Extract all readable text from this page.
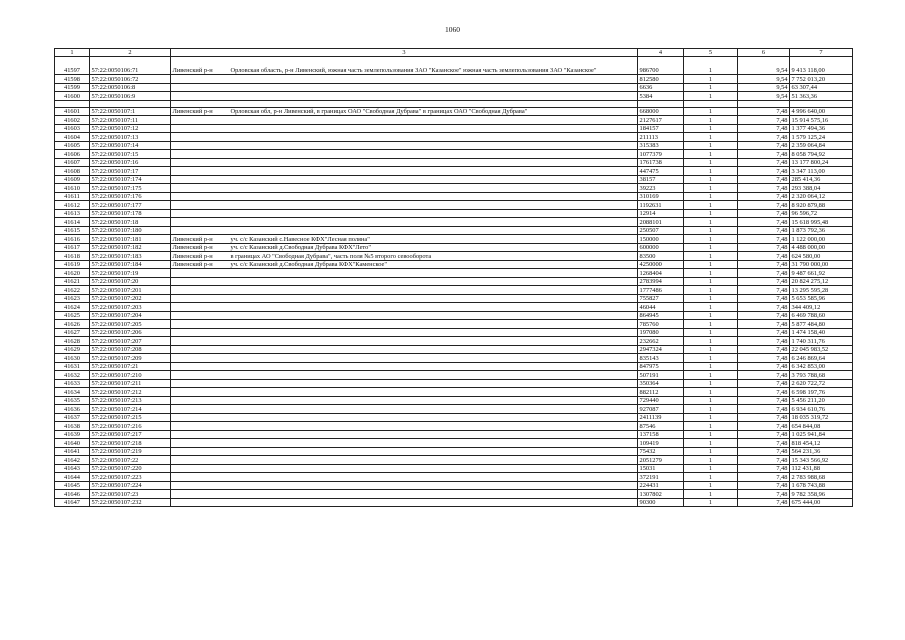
1060
1	2	3	4	5	6	7
41597	57:22:0050106:71	Ливенский р-н Орловская область, р-н Ливенский, южная часть землепользования ЗАО "Казанское" южная часть землепользования ЗАО "Казанское"	986700	1	9,54	9 413 118,00
41598	57:22:0050106:72		812580	1	9,54	7 752 013,20
41599	57:22:0050106:8		6636	1	9,54	63 307,44
41600	57:22:0050106:9		5384	1	9,54	51 363,36

41601	57:22:0050107:1	Ливенский р-н Орловская обл, р-н Ливенский, в границах ОАО "Свободная Дубрава" в границах ОАО "Свободная Дубрава"	668000	1	7,48	4 996 640,00
41602	57:22:0050107:11		2127617	1	7,48	15 914 575,16
41603	57:22:0050107:12		184157	1	7,48	1 377 494,36
41604	57:22:0050107:13		211113	1	7,48	1 579 125,24
41605	57:22:0050107:14		315383	1	7,48	2 359 064,84
41606	57:22:0050107:15		1077379	1	7,48	8 058 794,92
41607	57:22:0050107:16		1761738	1	7,48	13 177 800,24
41608	57:22:0050107:17		447475	1	7,48	3 347 113,00
41609	57:22:0050107:174		38157	1	7,48	285 414,36
41610	57:22:0050107:175		39223	1	7,48	293 388,04
41611	57:22:0050107:176		310169	1	7,48	2 320 064,12
41612	57:22:0050107:177		1192631	1	7,48	8 920 879,88
41613	57:22:0050107:178		12914	1	7,48	96 596,72
41614	57:22:0050107:18		2088101	1	7,48	15 618 995,48
41615	57:22:0050107:180		250507	1	7,48	1 873 792,36
41616	57:22:0050107:181	Ливенский р-н уч. с/с Казанский с.Навесное КФХ"Лесная поляна"	150000	1	7,48	1 122 000,00
41617	57:22:0050107:182	Ливенский р-н уч. с/с Казанский д.Свободная Дубрава КФХ"Лето"	600000	1	7,48	4 488 000,00
41618	57:22:0050107:183	Ливенский р-н в границах АО "Свободная Дубрава", часть поля №5 второго севооборота	83500	1	7,48	624 580,00
41619	57:22:0050107:184	Ливенский р-н уч. с/с Казанский д.Свободная Дубрава КФХ"Каменское"	4250000	1	7,48	31 790 000,00
41620	57:22:0050107:19		1268404	1	7,48	9 487 661,92
41621	57:22:0050107:20		2783994	1	7,48	20 824 275,12
41622	57:22:0050107:201		1777486	1	7,48	13 295 595,28
41623	57:22:0050107:202		755827	1	7,48	5 653 585,96
41624	57:22:0050107:203		46044	1	7,48	344 409,12
41625	57:22:0050107:204		864945	1	7,48	6 469 788,60
41626	57:22:0050107:205		785760	1	7,48	5 877 484,80
41627	57:22:0050107:206		197080	1	7,48	1 474 158,40
41628	57:22:0050107:207		232662	1	7,48	1 740 311,76
41629	57:22:0050107:208		2947324	1	7,48	22 045 983,52
41630	57:22:0050107:209		835143	1	7,48	6 246 869,64
41631	57:22:0050107:21		847975	1	7,48	6 342 853,00
41632	57:22:0050107:210		507191	1	7,48	3 793 788,68
41633	57:22:0050107:211		350364	1	7,48	2 620 722,72
41634	57:22:0050107:212		882112	1	7,48	6 598 197,76
41635	57:22:0050107:213		729440	1	7,48	5 456 211,20
41636	57:22:0050107:214		927087	1	7,48	6 934 610,76
41637	57:22:0050107:215		2411139	1	7,48	18 035 319,72
41638	57:22:0050107:216		87546	1	7,48	654 844,08
41639	57:22:0050107:217		137158	1	7,48	1 025 941,84
41640	57:22:0050107:218		109419	1	7,48	818 454,12
41641	57:22:0050107:219		75432	1	7,48	564 231,36
41642	57:22:0050107:22		2051279	1	7,48	15 343 566,92
41643	57:22:0050107:220		15031	1	7,48	112 431,88
41644	57:22:0050107:223		372191	1	7,48	2 783 988,68
41645	57:22:0050107:224		224431	1	7,48	1 678 743,88
41646	57:22:0050107:23		1307802	1	7,48	9 782 358,96
41647	57:22:0050107:232		90300	1	7,48	675 444,00
